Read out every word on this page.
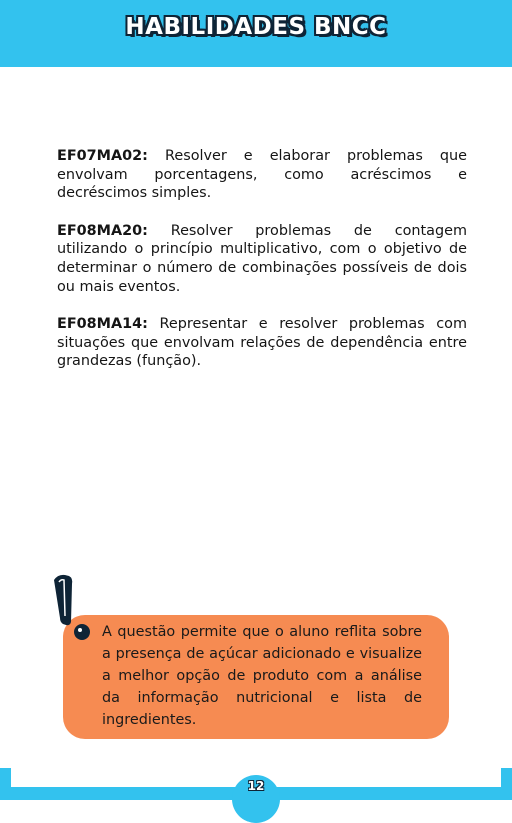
HABILIDADES BNCC

EF07MA02: Resolver e elaborar problemas que envolvam porcentagens, como acréscimos e decréscimos simples.

EF08MA20: Resolver problemas de contagem utilizando o princípio multiplicativo, com o objetivo de determinar o número de combinações possíveis de dois ou mais eventos.

EF08MA14: Representar e resolver problemas com situações que envolvam relações de dependência entre grandezas (função).

A questão permite que o aluno reflita sobre a presença de açúcar adicionado e visualize a melhor opção de produto com a análise da informação nutricional e lista de ingredientes.
12
